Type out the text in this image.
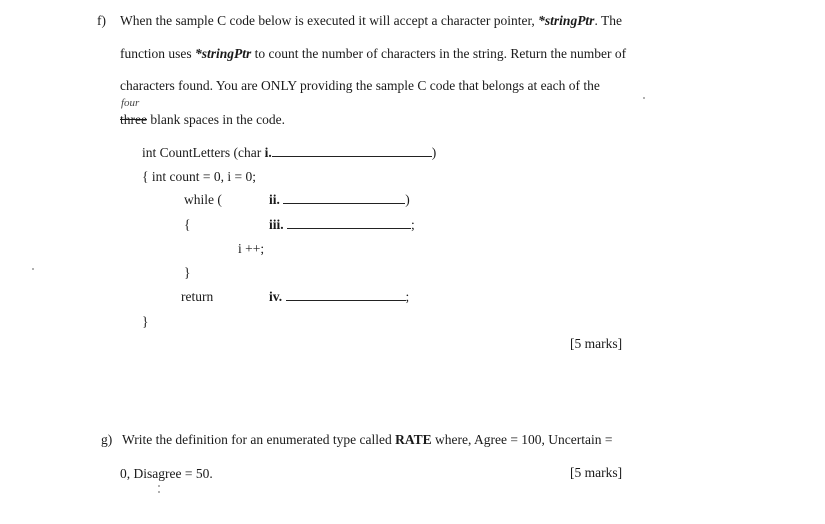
f) When the sample C code below is executed it will accept a character pointer, *stringPtr. The
function uses *stringPtr to count the number of characters in the string. Return the number of
characters found. You are ONLY providing the sample C code that belongs at each of the
four
three blank spaces in the code.
int CountLetters (char i.	)
{ int count = 0, i = 0;
while (	ii.	)
{	iii.	;
i ++;
}
return	iv.	;
}
[5 marks]
g) Write the definition for an enumerated type called RATE where, Agree = 100, Uncertain =
0, Disagree = 50.	[5 marks]
